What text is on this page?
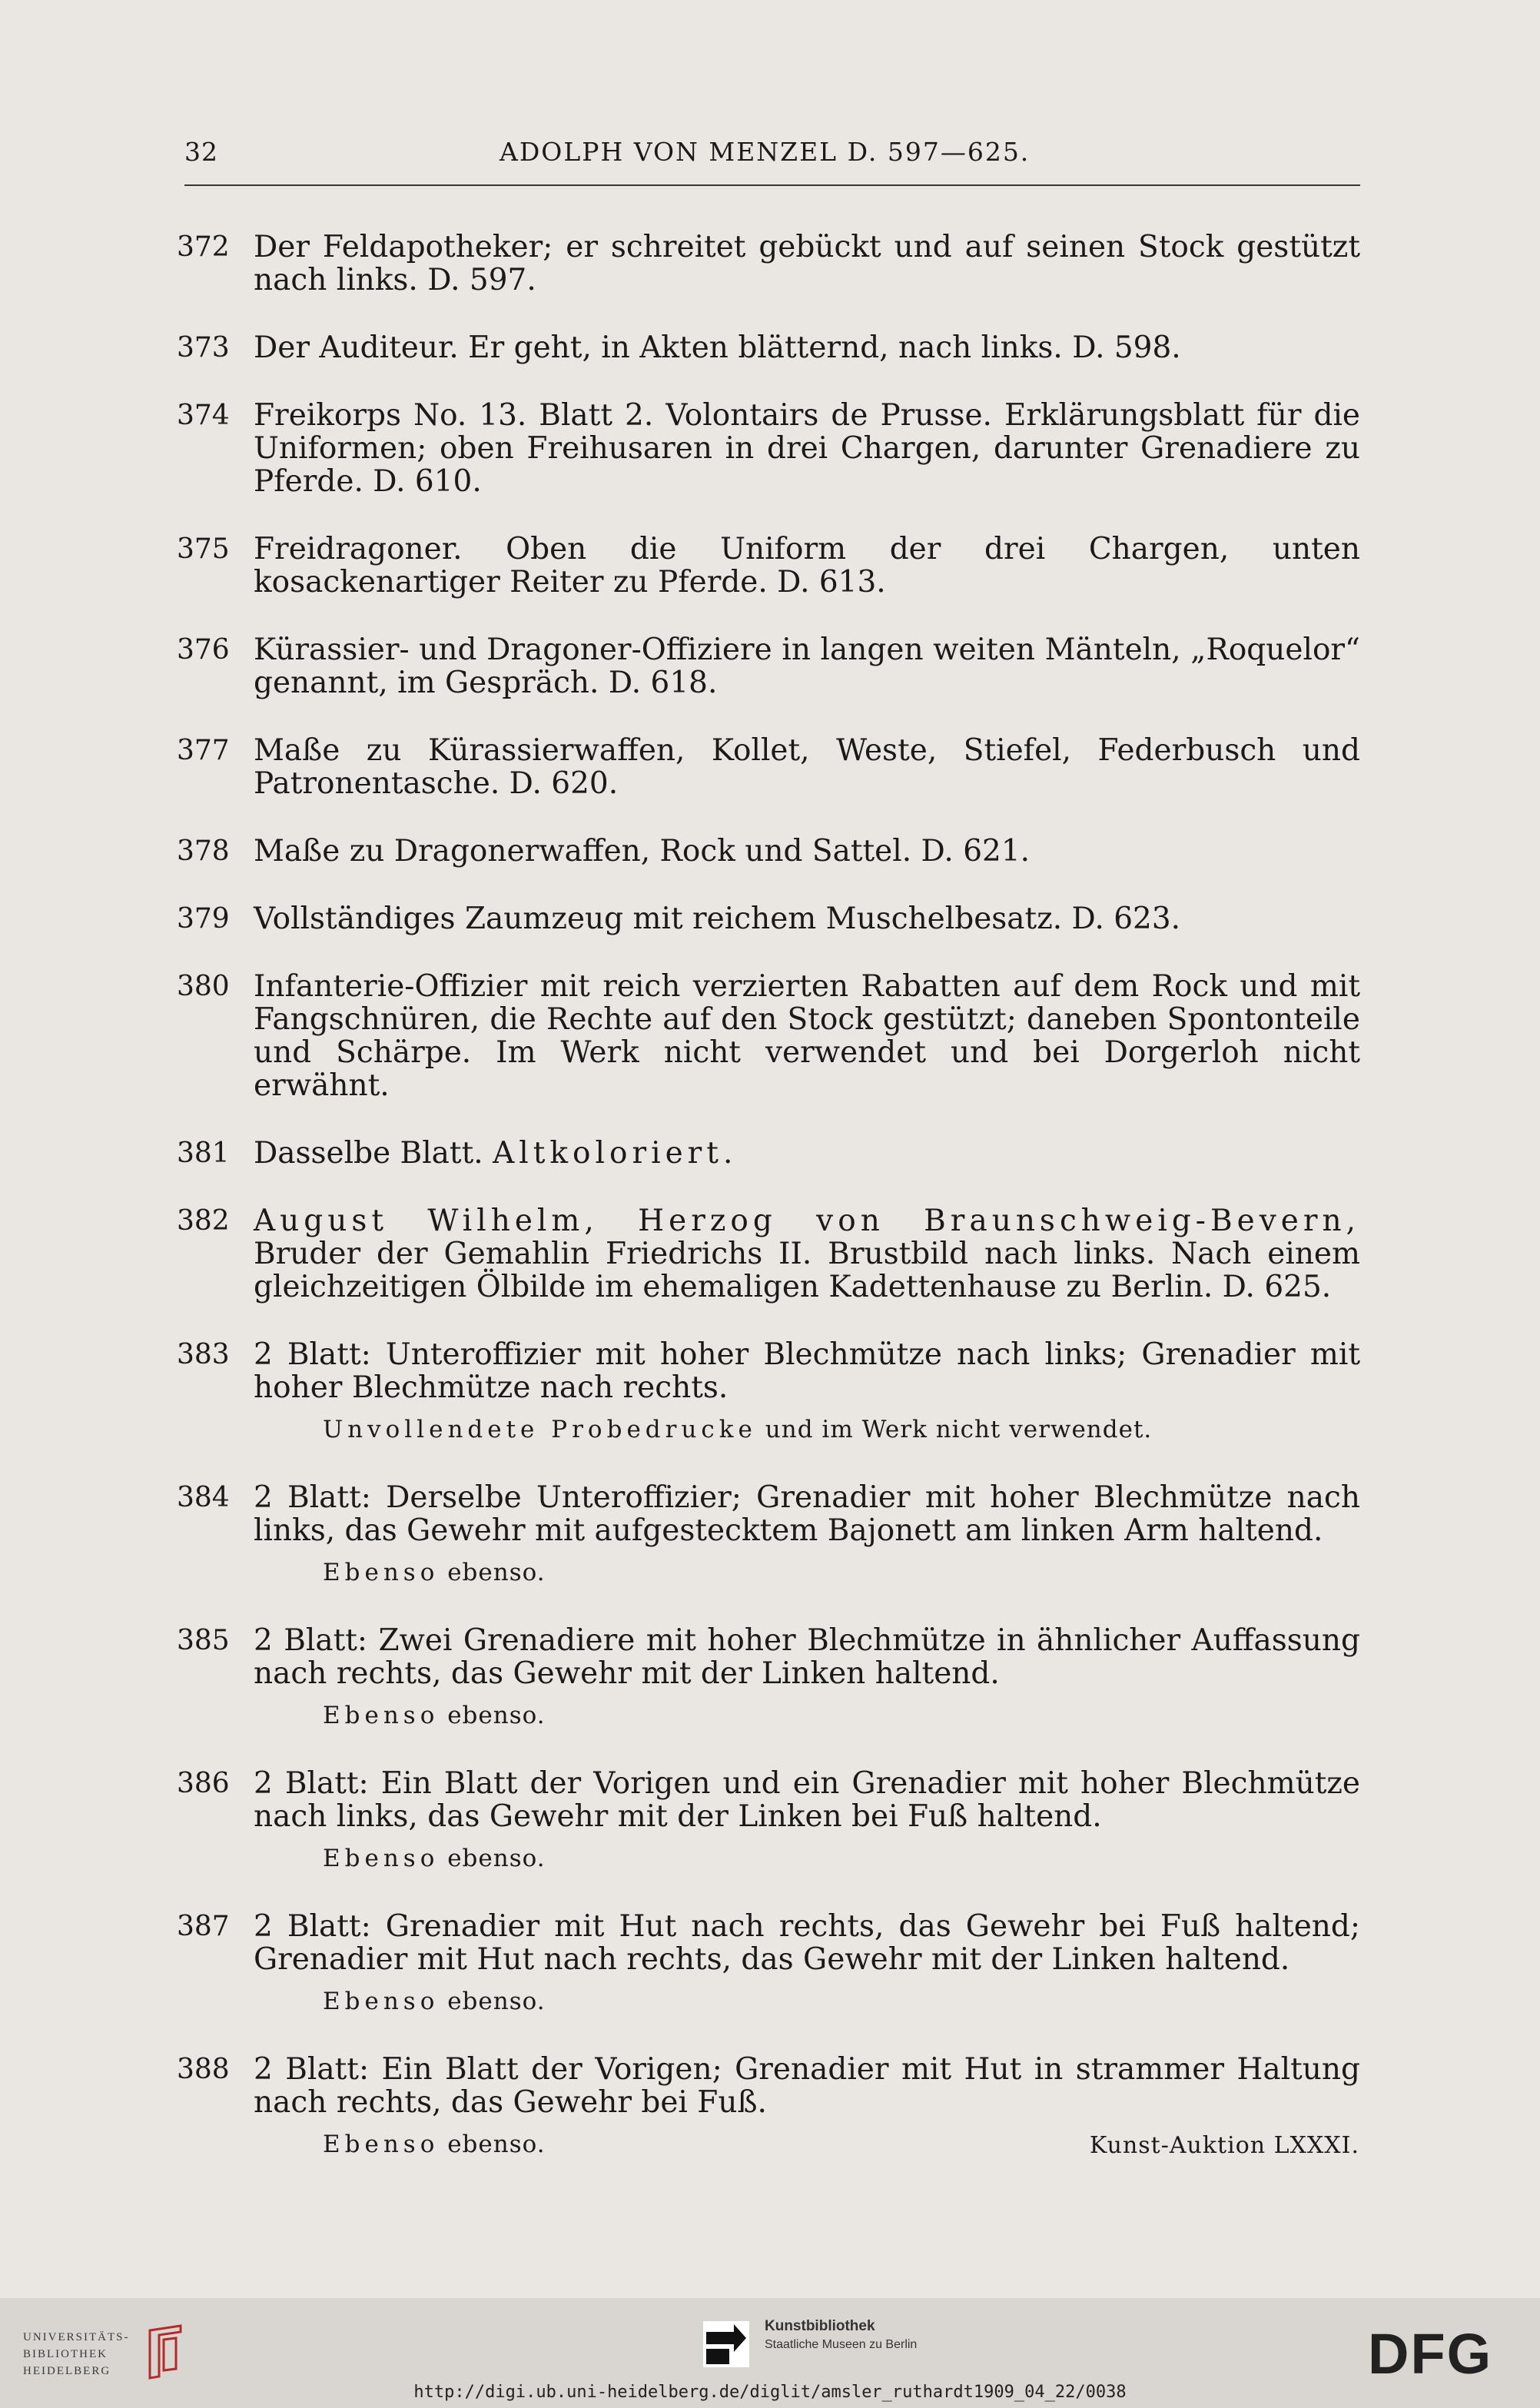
32	ADOLPH VON MENZEL D. 597—625.
372 Der Feldapotheker; er schreitet gebückt und auf seinen Stock gestützt nach links. D. 597.
373 Der Auditeur. Er geht, in Akten blätternd, nach links. D. 598.
374 Freikorps No. 13. Blatt 2. Volontairs de Prusse. Erklärungsblatt für die Uniformen; oben Freihusaren in drei Chargen, darunter Grenadiere zu Pferde. D. 610.
375 Freidragoner. Oben die Uniform der drei Chargen, unten kosackenartiger Reiter zu Pferde. D. 613.
376 Kürassier- und Dragoner-Offiziere in langen weiten Mänteln, „Roquelor“ genannt, im Gespräch. D. 618.
377 Maße zu Kürassierwaffen, Kollet, Weste, Stiefel, Federbusch und Patronentasche. D. 620.
378 Maße zu Dragonerwaffen, Rock und Sattel. D. 621.
379 Vollständiges Zaumzeug mit reichem Muschelbesatz. D. 623.
380 Infanterie-Offizier mit reich verzierten Rabatten auf dem Rock und mit Fangschnüren, die Rechte auf den Stock gestützt; daneben Spontonteile und Schärpe. Im Werk nicht verwendet und bei Dorgerloh nicht erwähnt.
381 Dasselbe Blatt. Altkoloriert.
382 August Wilhelm, Herzog von Braunschweig-Bevern, Bruder der Gemahlin Friedrichs II. Brustbild nach links. Nach einem gleichzeitigen Ölbilde im ehemaligen Kadettenhause zu Berlin. D. 625.
383 2 Blatt: Unteroffizier mit hoher Blechmütze nach links; Grenadier mit hoher Blechmütze nach rechts.
Unvollendete Probedrucke und im Werk nicht verwendet.
384 2 Blatt: Derselbe Unteroffizier; Grenadier mit hoher Blechmütze nach links, das Gewehr mit aufgestecktem Bajonett am linken Arm haltend.
Ebenso ebenso.
385 2 Blatt: Zwei Grenadiere mit hoher Blechmütze in ähnlicher Auffassung nach rechts, das Gewehr mit der Linken haltend.
Ebenso ebenso.
386 2 Blatt: Ein Blatt der Vorigen und ein Grenadier mit hoher Blechmütze nach links, das Gewehr mit der Linken bei Fuß haltend.
Ebenso ebenso.
387 2 Blatt: Grenadier mit Hut nach rechts, das Gewehr bei Fuß haltend; Grenadier mit Hut nach rechts, das Gewehr mit der Linken haltend.
Ebenso ebenso.
388 2 Blatt: Ein Blatt der Vorigen; Grenadier mit Hut in strammer Haltung nach rechts, das Gewehr bei Fuß.
Ebenso ebenso.	Kunst-Auktion LXXXI.
UNIVERSITÄTS-
BIBLIOTHEK
HEIDELBERG
Kunstbibliothek
Staatliche Museen zu Berlin	DFG
http://digi.ub.uni-heidelberg.de/diglit/amsler_ruthardt1909_04_22/0038
